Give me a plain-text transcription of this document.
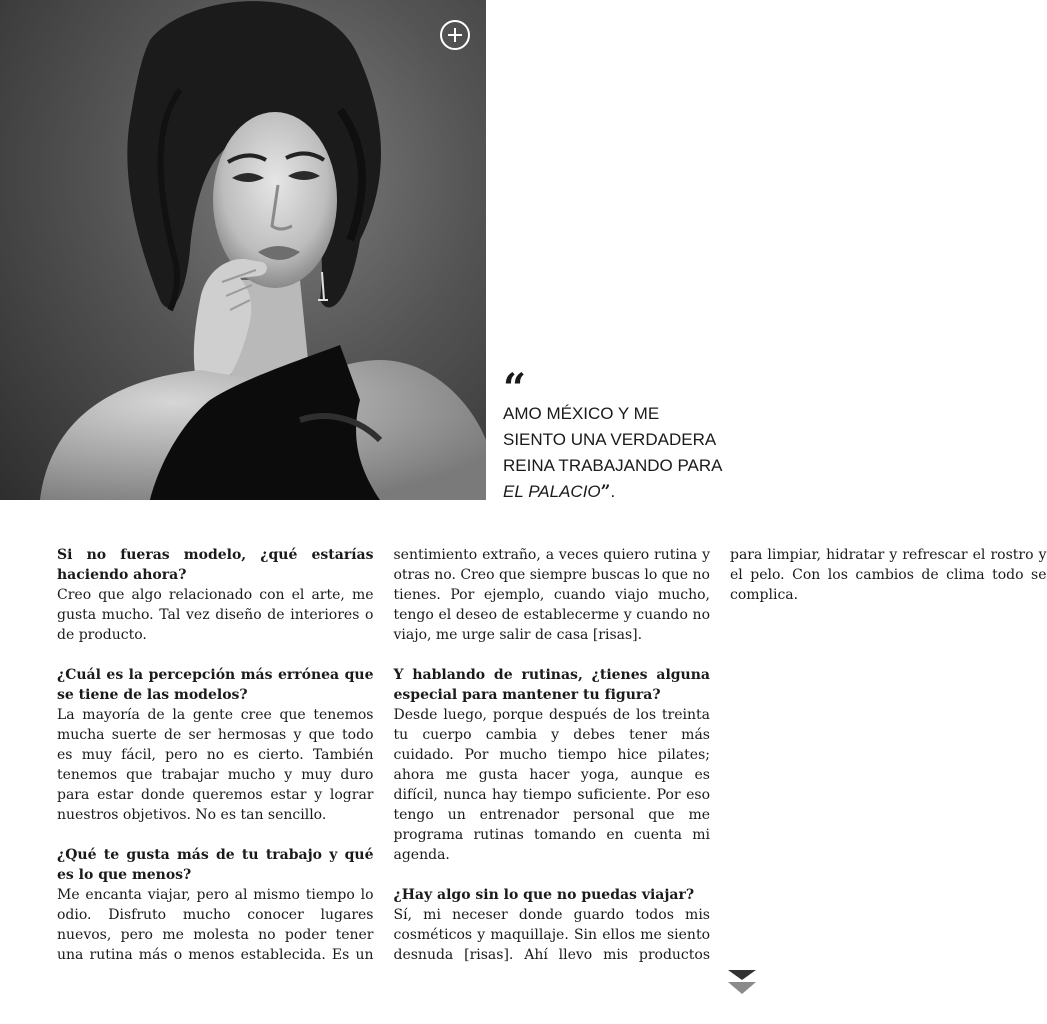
“

AMO MÉXICO Y ME SIENTO UNA VERDADERA REINA TRABAJANDO PARA EL PALACIO”.

Si no fueras modelo, ¿qué estarías haciendo ahora?

Creo que algo relacionado con el arte, me gusta mucho. Tal vez diseño de interiores o de producto.

¿Cuál es la percepción más errónea que se tiene de las modelos?

La mayoría de la gente cree que tenemos mucha suerte de ser hermosas y que todo es muy fácil, pero no es cierto. También tenemos que trabajar mucho y muy duro para estar donde queremos estar y lograr nuestros objetivos. No es tan sencillo.

¿Qué te gusta más de tu trabajo y qué es lo que menos?

Me encanta viajar, pero al mismo tiempo lo odio. Disfruto mucho conocer lugares nuevos, pero me molesta no poder tener una rutina más o menos establecida. Es un sentimiento extraño, a veces quiero rutina y otras no. Creo que siempre buscas lo que no tienes. Por ejemplo, cuando viajo mucho, tengo el deseo de establecerme y cuando no viajo, me urge salir de casa [risas].

Y hablando de rutinas, ¿tienes alguna especial para mantener tu figura?

Desde luego, porque después de los treinta tu cuerpo cambia y debes tener más cuidado. Por mucho tiempo hice pilates; ahora me gusta hacer yoga, aunque es difícil, nunca hay tiempo suficiente. Por eso tengo un entrenador personal que me programa rutinas tomando en cuenta mi agenda.

¿Hay algo sin lo que no puedas viajar?

Sí, mi neceser donde guardo todos mis cosméticos y maquillaje. Sin ellos me siento desnuda [risas]. Ahí llevo mis productos para limpiar, hidratar y refrescar el rostro y el pelo. Con los cambios de clima todo se complica.
